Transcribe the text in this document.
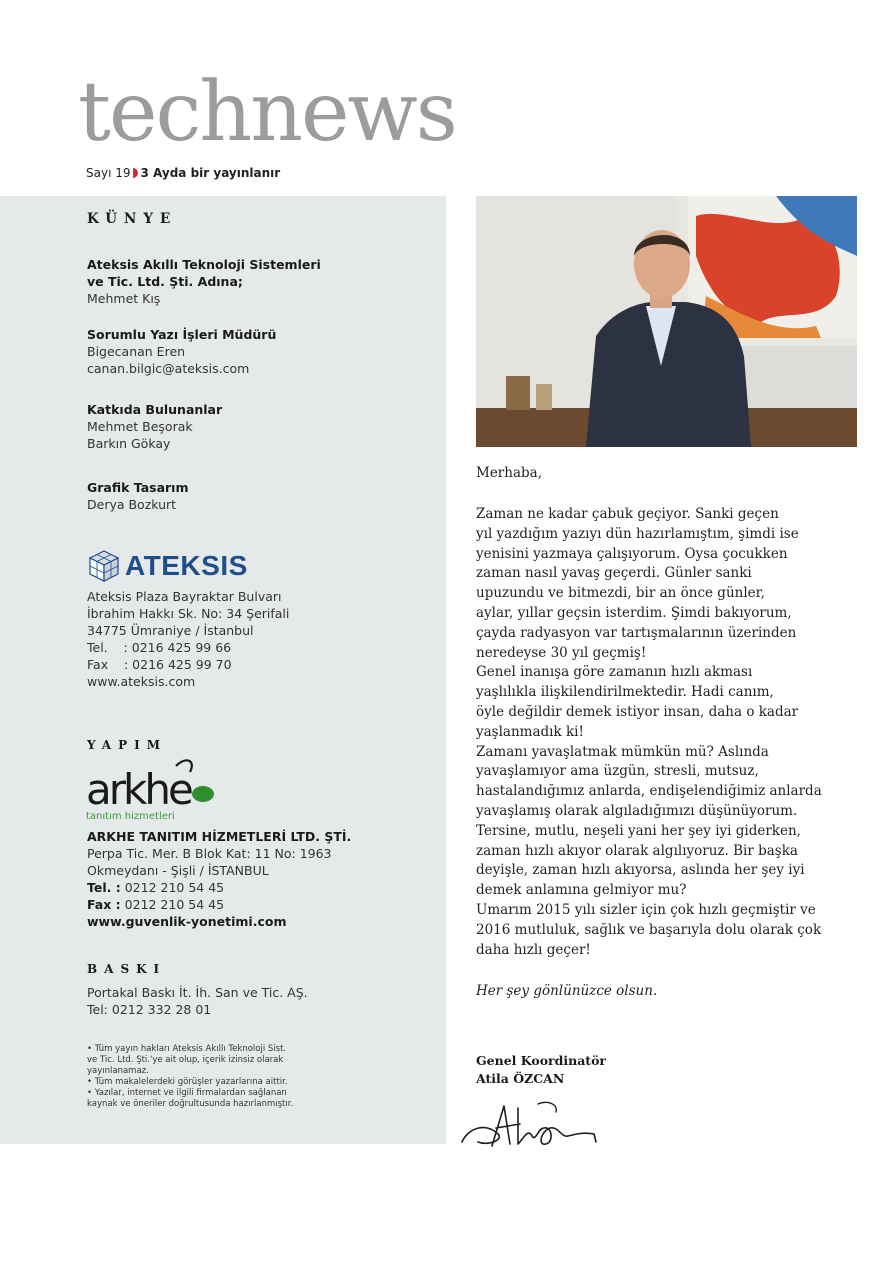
technews
Sayı 19 3 Ayda bir yayınlanır
KÜNYE
Ateksis Akıllı Teknoloji Sistemleri
ve Tic. Ltd. Şti. Adına;
Mehmet Kış
Sorumlu Yazı İşleri Müdürü
Bigecanan Eren
canan.bilgic@ateksis.com
Katkıda Bulunanlar
Mehmet Beşorak
Barkın Gökay
Grafik Tasarım
Derya Bozkurt
ATEKSIS
Ateksis Plaza Bayraktar Bulvarı
İbrahim Hakkı Sk. No: 34 Şerifali
34775 Ümraniye / İstanbul
Tel.    : 0216 425 99 66
Fax    : 0216 425 99 70
www.ateksis.com
YAPIM
arkhe
tanıtım hizmetleri
ARKHE TANITIM HİZMETLERİ LTD. ŞTİ.
Perpa Tic. Mer. B Blok Kat: 11 No: 1963
Okmeydanı - Şişli / İSTANBUL
Tel. : 0212 210 54 45
Fax : 0212 210 54 45
www.guvenlik-yonetimi.com
BASKI
Portakal Baskı İt. İh. San ve Tic. AŞ.
Tel: 0212 332 28 01
• Tüm yayın hakları Ateksis Akıllı Teknoloji Sist. ve Tic. Ltd. Şti.'ye ait olup, içerik izinsiz olarak yayınlanamaz.
• Tüm makalelerdeki görüşler yazarlarına aittir.
• Yazılar, internet ve ilgili firmalardan sağlanan kaynak ve öneriler doğrultusunda hazırlanmıştır.

Merhaba,

Zaman ne kadar çabuk geçiyor. Sanki geçen

yıl yazdığım yazıyı dün hazırlamıştım, şimdi ise

yenisini yazmaya çalışıyorum. Oysa çocukken

zaman nasıl yavaş geçerdi. Günler sanki

upuzundu ve bitmezdi, bir an önce günler,

aylar, yıllar geçsin isterdim. Şimdi bakıyorum,

çayda radyasyon var tartışmalarının üzerinden

neredeyse 30 yıl geçmiş!

Genel inanışa göre zamanın hızlı akması

yaşlılıkla ilişkilendirilmektedir. Hadi canım,

öyle değildir demek istiyor insan, daha o kadar

yaşlanmadık ki!

Zamanı yavaşlatmak mümkün mü? Aslında

yavaşlamıyor ama üzgün, stresli, mutsuz,

hastalandığımız anlarda, endişelendiğimiz anlarda

yavaşlamış olarak algıladığımızı düşünüyorum.

Tersine, mutlu, neşeli yani her şey iyi giderken,

zaman hızlı akıyor olarak algılıyoruz. Bir başka

deyişle, zaman hızlı akıyorsa, aslında her şey iyi

demek anlamına gelmiyor mu?

Umarım 2015 yılı sizler için çok hızlı geçmiştir ve

2016 mutluluk, sağlık ve başarıyla dolu olarak çok

daha hızlı geçer!

Her şey gönlünüzce olsun.
Genel Koordinatör
Atila ÖZCAN
